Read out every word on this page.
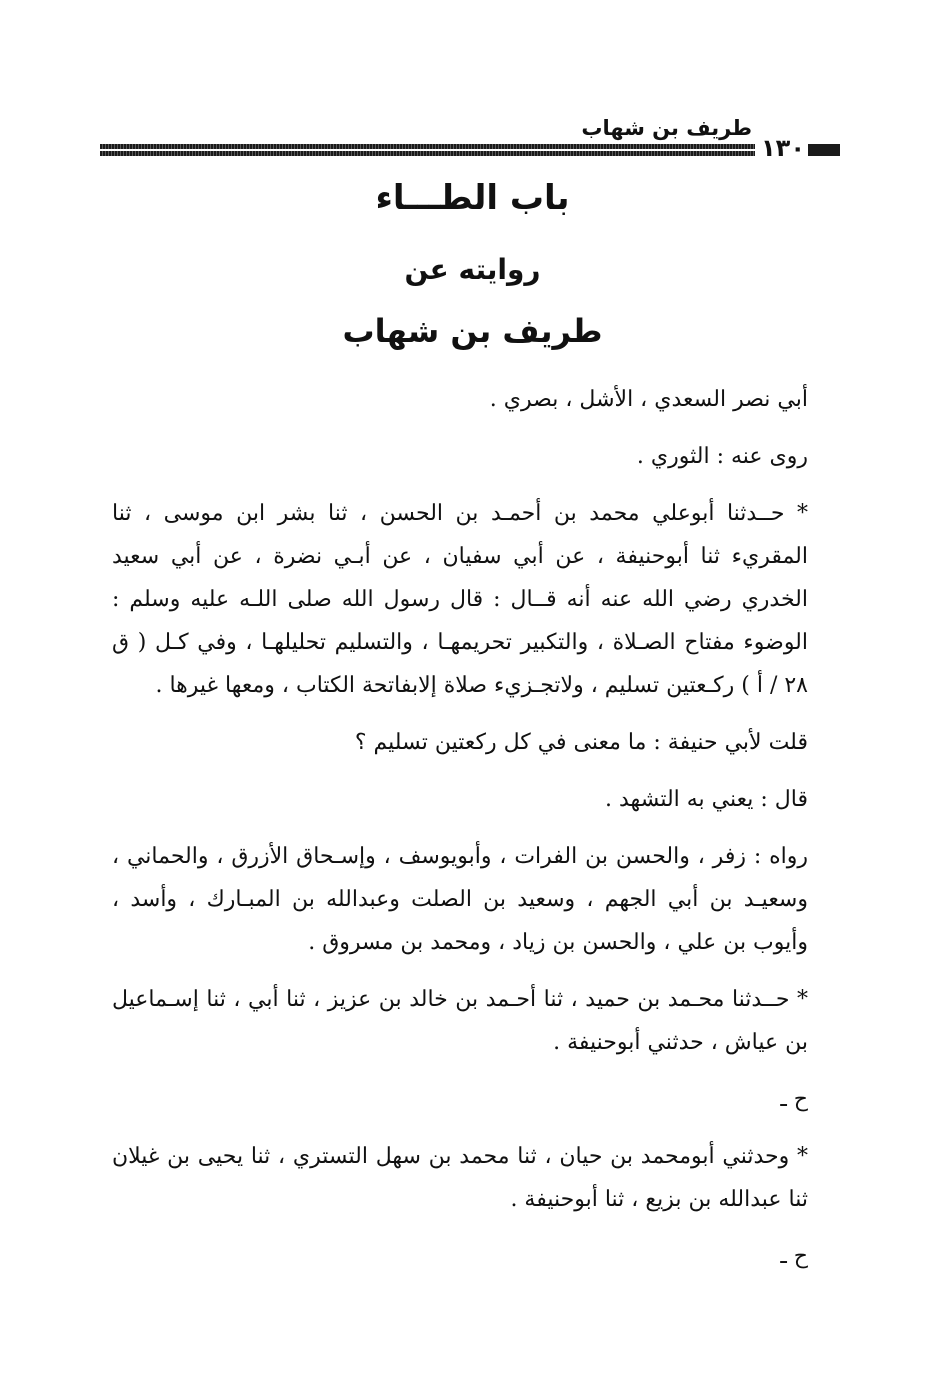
طريف بن شهاب
١٣٠
باب الطـــاء
روايته عن
طريف بن شهاب

أبي نصر السعدي ، الأشل ، بصري .

روى عنه : الثوري .

* حــدثنا أبوعلي محمد بن أحمـد بن الحسن ، ثنا بشر ابن موسى ، ثنا المقريء ثنا أبوحنيفة ، عن أبي سفيان ، عن أبـي نضرة ، عن أبي سعيد الخدري رضي الله عنه أنه قــال : قال رسول الله صلى اللـه عليه وسلم : الوضوء مفتاح الصـلاة ، والتكبير تحريمهـا ، والتسليم تحليلهـا ، وفي كـل ( ق ٢٨ / أ ) ركـعتين تسليم ، ولاتجـزيء صلاة إلابفاتحة الكتاب ، ومعها غيرها .

قلت لأبي حنيفة : ما معنى في كل ركعتين تسليم ؟

قال : يعني به التشهد .

رواه : زفر ، والحسن بن الفرات ، وأبويوسف ، وإسـحاق الأزرق ، والحماني ، وسعيـد بن أبي الجهم ، وسعيد بن الصلت وعبدالله بن المبـارك ، وأسد ، وأيوب بن علي ، والحسن بن زياد ، ومحمد بن مسروق .

* حــدثنا محـمد بن حميد ، ثنا أحـمد بن خالد بن عزيز ، ثنا أبي ، ثنا إسـماعيل بن عياش ، حدثني أبوحنيفة .

ح ـ

* وحدثني أبومحمد بن حيان ، ثنا محمد بن سهل التستري ، ثنا يحيى بن غيلان ثنا عبدالله بن بزيع ، ثنا أبوحنيفة .

ح ـ
